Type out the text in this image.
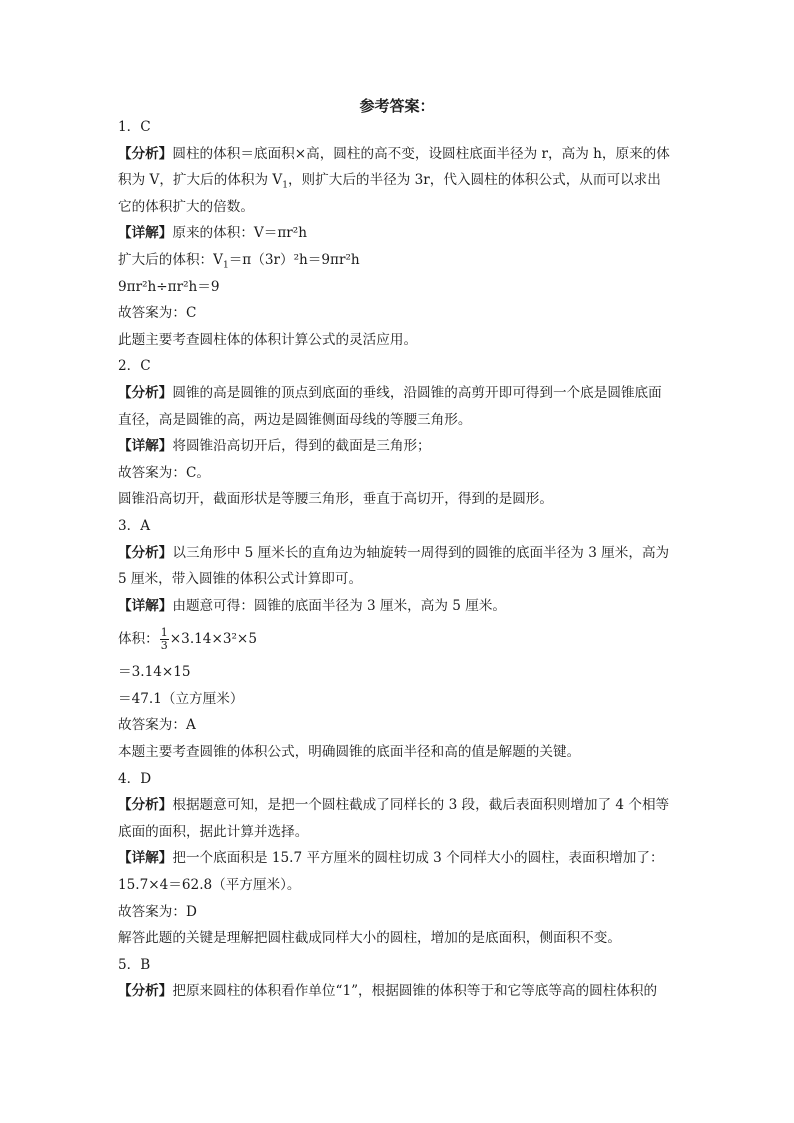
参考答案：
1．C
【分析】圆柱的体积＝底面积×高，圆柱的高不变，设圆柱底面半径为 r，高为 h，原来的体
积为 V，扩大后的体积为 $V_1$，则扩大后的半径为 3r，代入圆柱的体积公式，从而可以求出
它的体积扩大的倍数。
【详解】原来的体积：V＝πr²h
扩大后的体积：$V_1=\pi(3r)^2h=9\pi r^2h$
9πr²h÷πr²h＝9
故答案为：C
此题主要考查圆柱体的体积计算公式的灵活应用。
2．C
【分析】圆锥的高是圆锥的顶点到底面的垂线，沿圆锥的高剪开即可得到一个底是圆锥底面
直径，高是圆锥的高，两边是圆锥侧面母线的等腰三角形。
【详解】将圆锥沿高切开后，得到的截面是三角形；
故答案为：C。
圆锥沿高切开，截面形状是等腰三角形，垂直于高切开，得到的是圆形。
3．A
【分析】以三角形中 5 厘米长的直角边为轴旋转一周得到的圆锥的底面半径为 3 厘米，高为
5 厘米，带入圆锥的体积公式计算即可。
【详解】由题意可得：圆锥的底面半径为 3 厘米，高为 5 厘米。
体积： $\frac{1}{3} \times 3.14\times 3^2\times 5$
＝3.14×15
＝47.1（立方厘米）
故答案为：A
本题主要考查圆锥的体积公式，明确圆锥的底面半径和高的值是解题的关键。
4．D
【分析】根据题意可知，是把一个圆柱截成了同样长的 3 段，截后表面积则增加了 4 个相等
底面的面积，据此计算并选择。
【详解】把一个底面积是 15.7 平方厘米的圆柱切成 3 个同样大小的圆柱，表面积增加了：
15.7×4＝62.8（平方厘米）。
故答案为：D
解答此题的关键是理解把圆柱截成同样大小的圆柱，增加的是底面积，侧面积不变。
5．B
【分析】把原来圆柱的体积看作单位“1”，根据圆锥的体积等于和它等底等高的圆柱体积的
